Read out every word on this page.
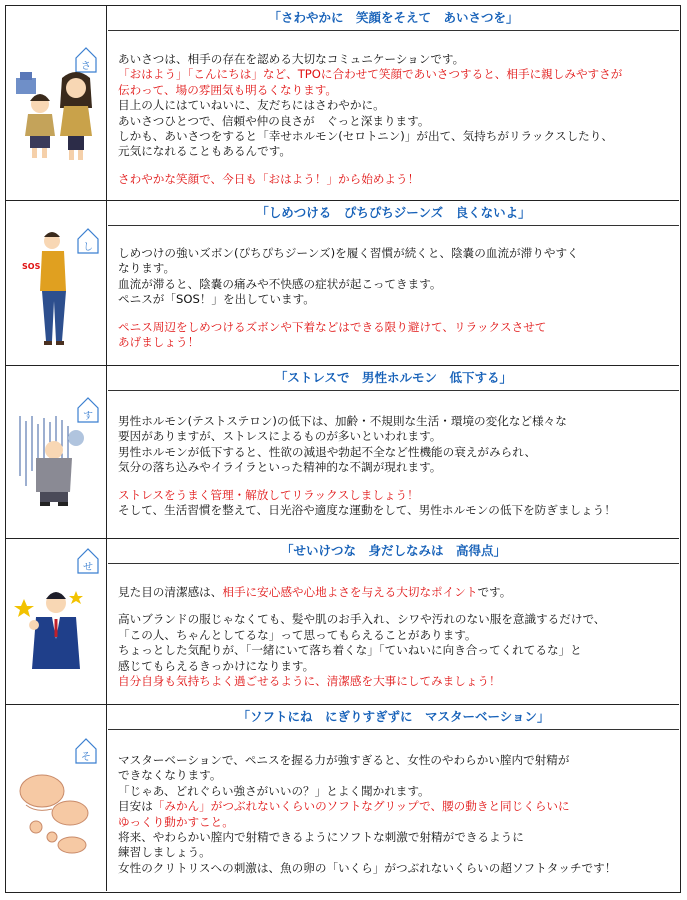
さ
「さわやかに　笑顔をそえて　あいさつを」

あいさつは、相手の存在を認める大切なコミュニケーションです。

「おはよう」「こんにちは」など、TPOに合わせて笑顔であいさつすると、相手に親しみやすさが

伝わって、場の雰囲気も明るくなります。

目上の人にはていねいに、友だちにはさわやかに。

あいさつひとつで、信頼や仲の良さが　ぐっと深まります。

しかも、あいさつをすると「幸せホルモン(セロトニン)」が出て、気持ちがリラックスしたり、

元気になれることもあるんです。

さわやかな笑顔で、今日も「おはよう！」から始めよう！

し
SOS
「しめつける　ぴちぴちジーンズ　良くないよ」

しめつけの強いズボン(ぴちぴちジーンズ)を履く習慣が続くと、陰嚢の血流が滞りやすく

なります。

血流が滞ると、陰嚢の痛みや不快感の症状が起こってきます。

ペニスが「SOS！」を出しています。

ペニス周辺をしめつけるズボンや下着などはできる限り避けて、リラックスさせて

あげましょう！

す
「ストレスで　男性ホルモン　低下する」

男性ホルモン(テストステロン)の低下は、加齢・不規則な生活・環境の変化など様々な

要因がありますが、ストレスによるものが多いといわれます。

男性ホルモンが低下すると、性欲の減退や勃起不全など性機能の衰えがみられ、

気分の落ち込みやイライラといった精神的な不調が現れます。

ストレスをうまく管理・解放してリラックスしましょう！

そして、生活習慣を整えて、日光浴や適度な運動をして、男性ホルモンの低下を防ぎましょう！

せ
「せいけつな　身だしなみは　高得点」

見た目の清潔感は、相手に安心感や心地よさを与える大切なポイントです。

高いブランドの服じゃなくても、髪や肌のお手入れ、シワや汚れのない服を意識するだけで、

「この人、ちゃんとしてるな」って思ってもらえることがあります。

ちょっとした気配りが、「一緒にいて落ち着くな」「ていねいに向き合ってくれてるな」と

感じてもらえるきっかけになります。

自分自身も気持ちよく過ごせるように、清潔感を大事にしてみましょう！

そ
「ソフトにね　にぎりすぎずに　マスターベーション」

マスターベーションで、ペニスを握る力が強すぎると、女性のやわらかい膣内で射精が

できなくなります。

「じゃあ、どれぐらい強さがいいの？」とよく聞かれます。

目安は「みかん」がつぶれないくらいのソフトなグリップで、腰の動きと同じくらいに

ゆっくり動かすこと。

将来、やわらかい膣内で射精できるようにソフトな刺激で射精ができるように

練習しましょう。

女性のクリトリスへの刺激は、魚の卵の「いくら」がつぶれないくらいの超ソフトタッチです！
